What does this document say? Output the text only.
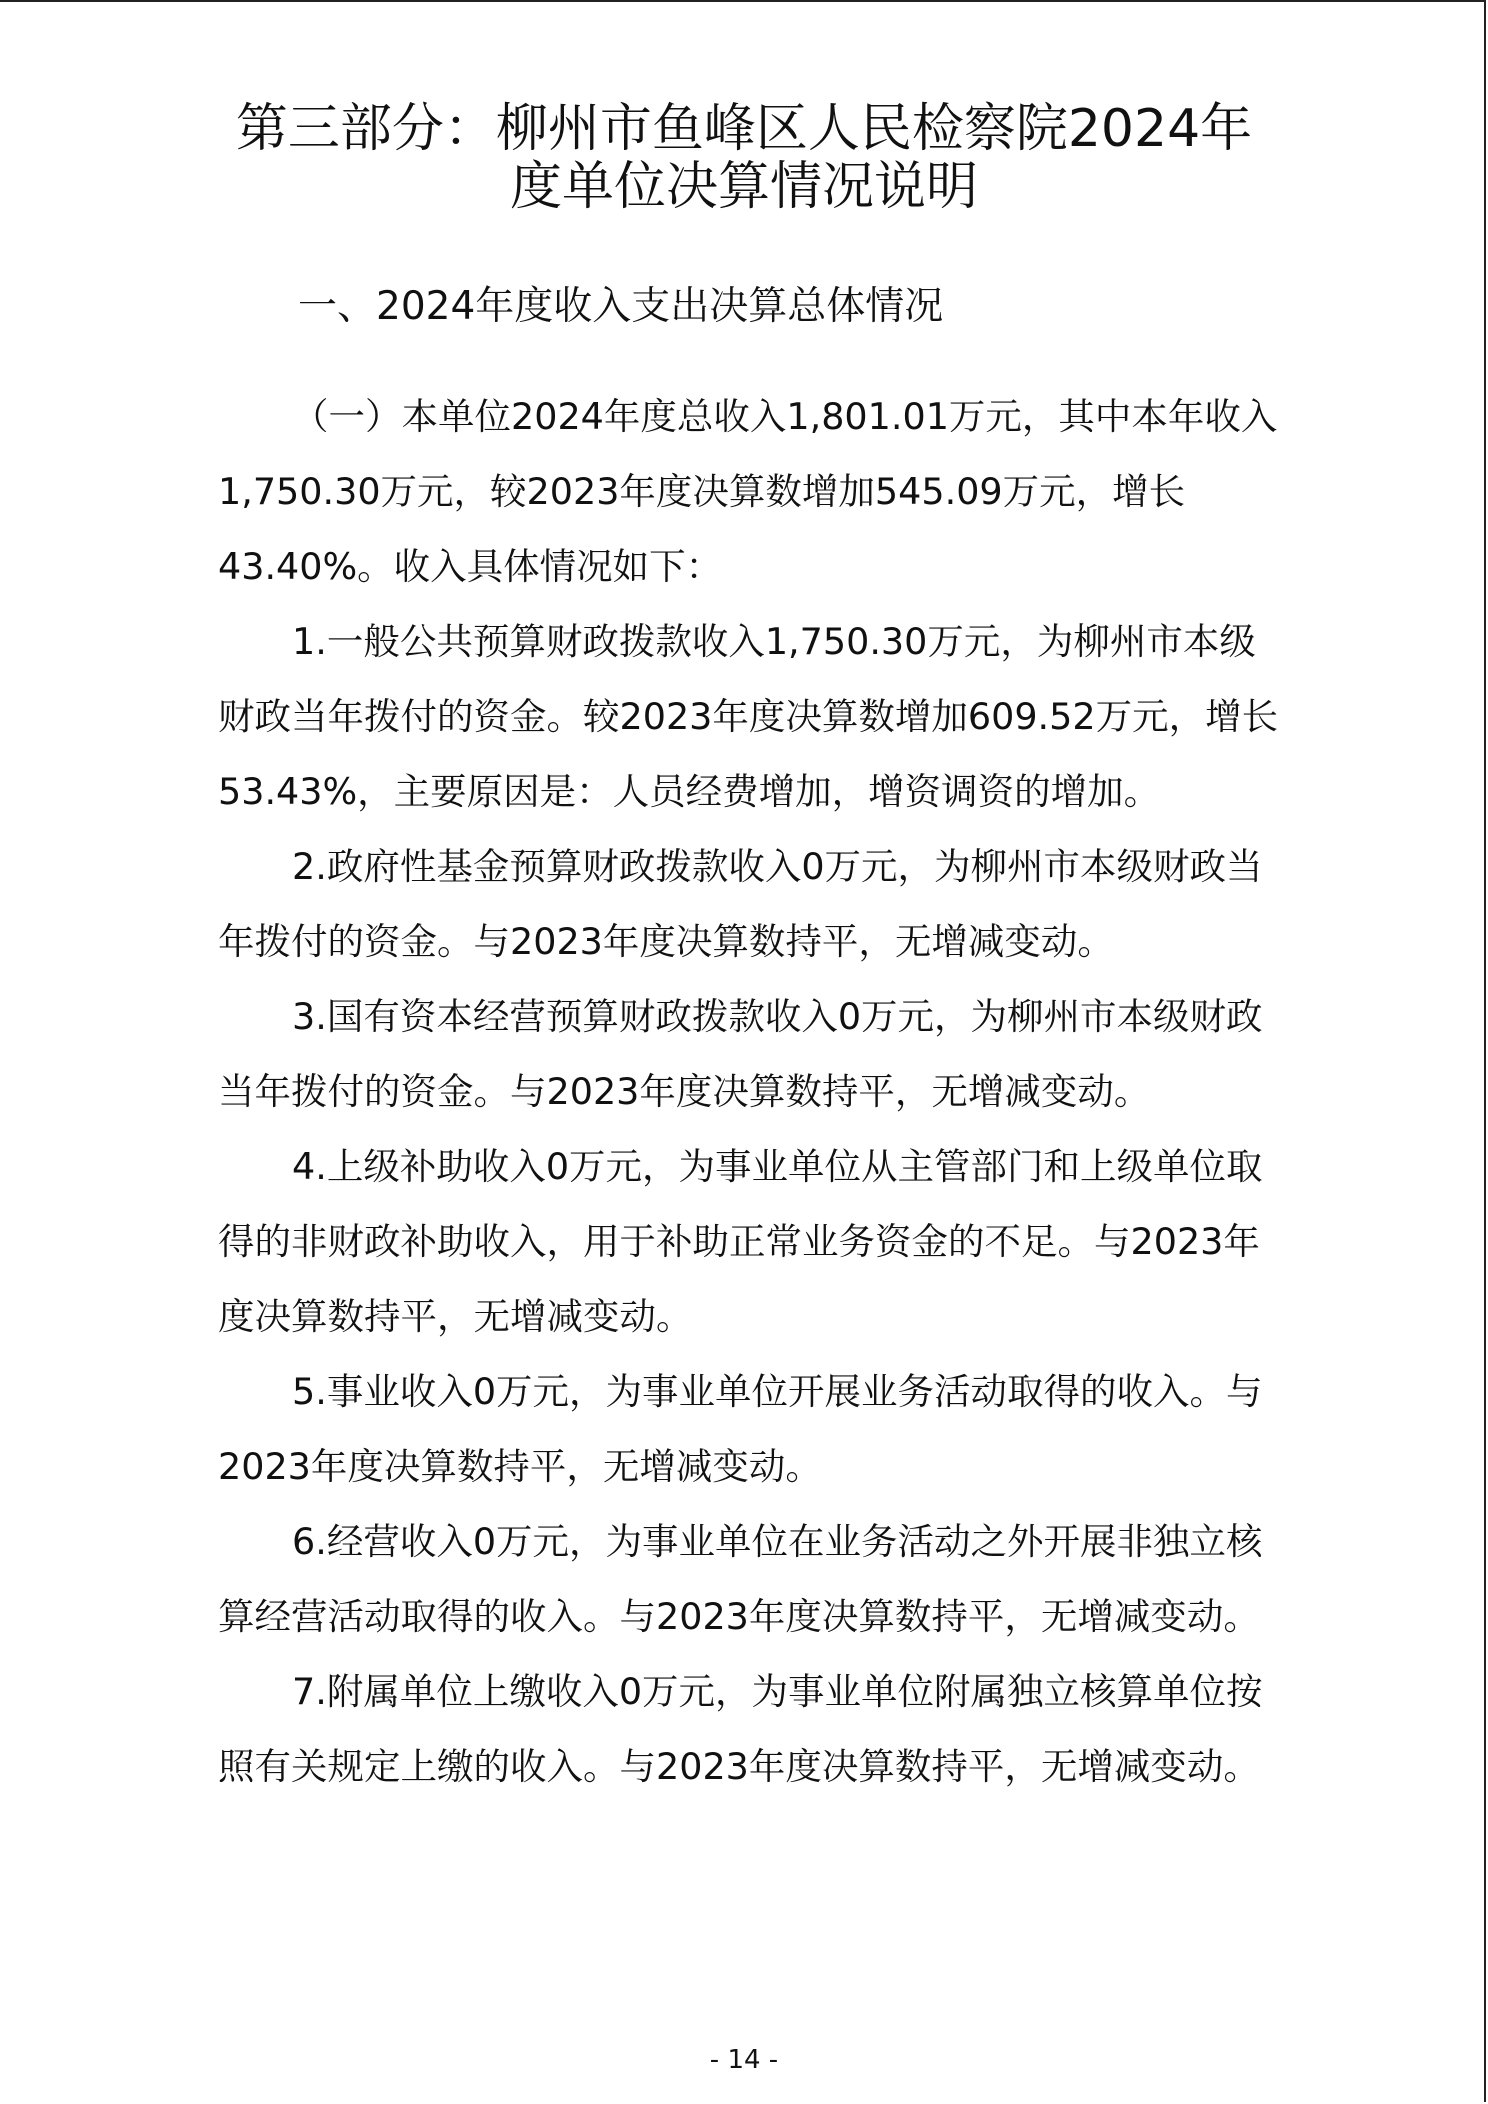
第三部分：柳州市鱼峰区人民检察院2024年
度单位决算情况说明
一、2024年度收入支出决算总体情况
（一）本单位2024年度总收入1,801.01万元，其中本年收入
1,750.30万元，较2023年度决算数增加545.09万元，增长
43.40%。收入具体情况如下：
1.一般公共预算财政拨款收入1,750.30万元，为柳州市本级
财政当年拨付的资金。较2023年度决算数增加609.52万元，增长
53.43%，主要原因是：人员经费增加，增资调资的增加。
2.政府性基金预算财政拨款收入0万元，为柳州市本级财政当
年拨付的资金。与2023年度决算数持平，无增减变动。
3.国有资本经营预算财政拨款收入0万元，为柳州市本级财政
当年拨付的资金。与2023年度决算数持平，无增减变动。
4.上级补助收入0万元，为事业单位从主管部门和上级单位取
得的非财政补助收入，用于补助正常业务资金的不足。与2023年
度决算数持平，无增减变动。
5.事业收入0万元，为事业单位开展业务活动取得的收入。与
2023年度决算数持平，无增减变动。
6.经营收入0万元，为事业单位在业务活动之外开展非独立核
算经营活动取得的收入。与2023年度决算数持平，无增减变动。
7.附属单位上缴收入0万元，为事业单位附属独立核算单位按
照有关规定上缴的收入。与2023年度决算数持平，无增减变动。
- 14 -
